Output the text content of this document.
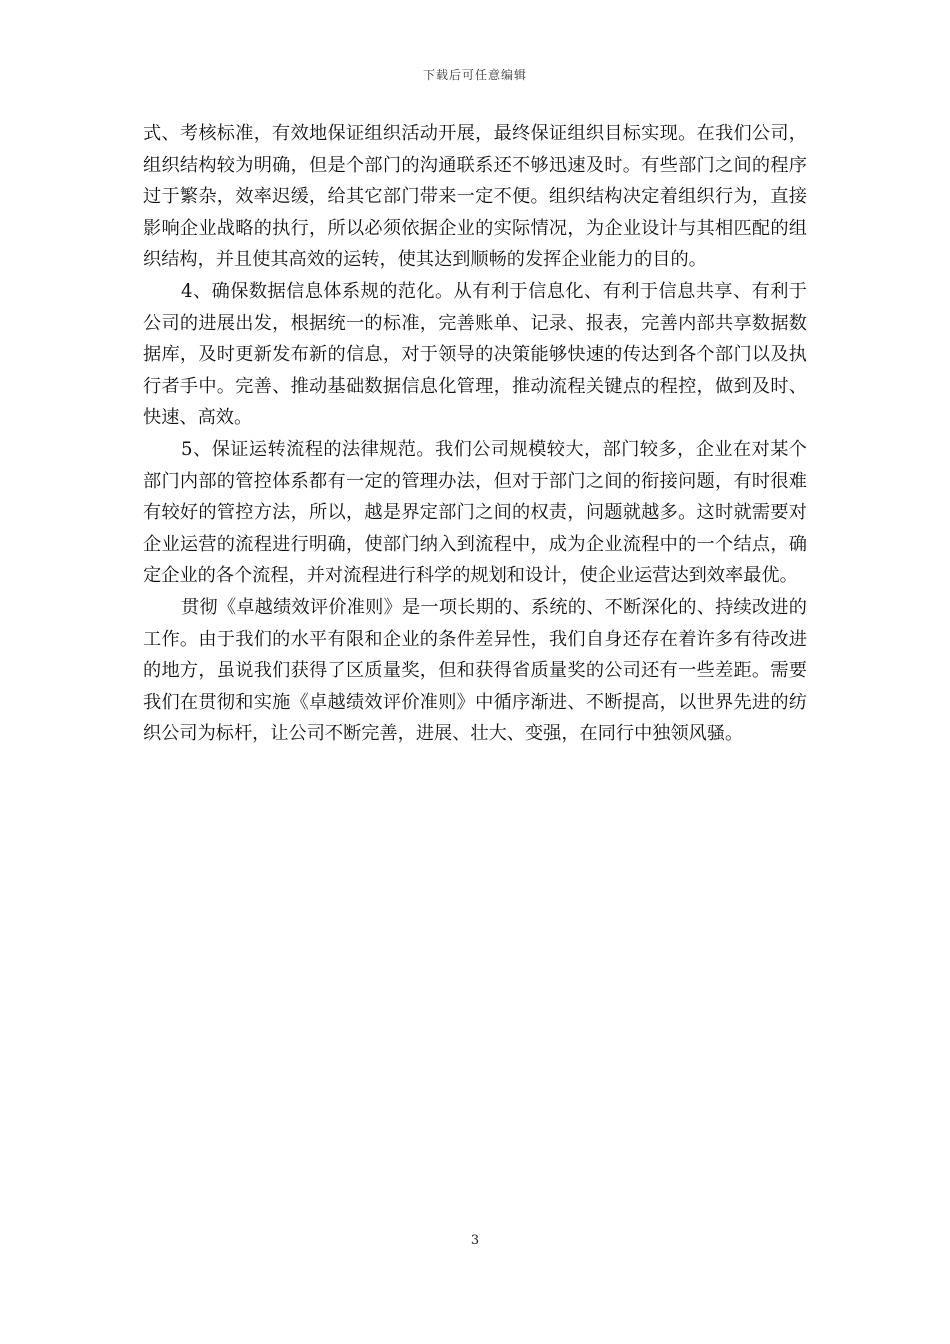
下载后可任意编辑

式、考核标准，有效地保证组织活动开展，最终保证组织目标实现。在我们公司，组织结构较为明确，但是个部门的沟通联系还不够迅速及时。有些部门之间的程序过于繁杂，效率迟缓，给其它部门带来一定不便。组织结构决定着组织行为，直接影响企业战略的执行，所以必须依据企业的实际情况，为企业设计与其相匹配的组织结构，并且使其高效的运转，使其达到顺畅的发挥企业能力的目的。

4、确保数据信息体系规的范化。从有利于信息化、有利于信息共享、有利于公司的进展出发，根据统一的标准，完善账单、记录、报表，完善内部共享数据数据库，及时更新发布新的信息，对于领导的决策能够快速的传达到各个部门以及执行者手中。完善、推动基础数据信息化管理，推动流程关键点的程控，做到及时、快速、高效。

5、保证运转流程的法律规范。我们公司规模较大，部门较多，企业在对某个部门内部的管控体系都有一定的管理办法，但对于部门之间的衔接问题，有时很难有较好的管控方法，所以，越是界定部门之间的权责，问题就越多。这时就需要对企业运营的流程进行明确，使部门纳入到流程中，成为企业流程中的一个结点，确定企业的各个流程，并对流程进行科学的规划和设计，使企业运营达到效率最优。

贯彻《卓越绩效评价准则》是一项长期的、系统的、不断深化的、持续改进的工作。由于我们的水平有限和企业的条件差异性，我们自身还存在着许多有待改进的地方，虽说我们获得了区质量奖，但和获得省质量奖的公司还有一些差距。需要我们在贯彻和实施《卓越绩效评价准则》中循序渐进、不断提高，以世界先进的纺织公司为标杆，让公司不断完善，进展、壮大、变强，在同行中独领风骚。

3
